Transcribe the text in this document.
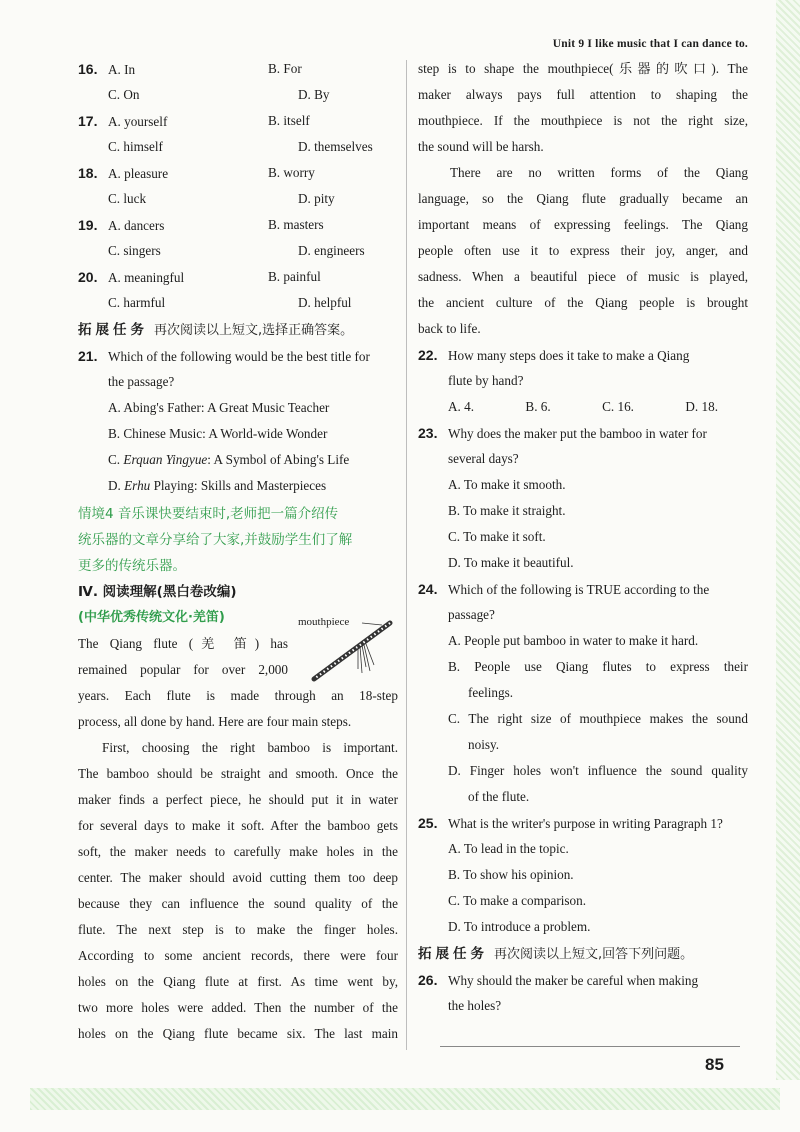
Unit 9 I like music that I can dance to.
16. A. In	B. For
C. On	D. By
17. A. yourself	B. itself
C. himself	D. themselves
18. A. pleasure	B. worry
C. luck	D. pity
19. A. dancers	B. masters
C. singers	D. engineers
20. A. meaningful	B. painful
C. harmful	D. helpful
拓展任务 再次阅读以上短文,选择正确答案。
21. Which of the following would be the best title for
the passage?
A. Abing's Father: A Great Music Teacher
B. Chinese Music: A World-wide Wonder
C. Erquan Yingyue: A Symbol of Abing's Life
D. Erhu Playing: Skills and Masterpieces
情境4 音乐课快要结束时,老师把一篇介绍传
统乐器的文章分享给了大家,并鼓励学生们了解
更多的传统乐器。
Ⅳ. 阅读理解(黑白卷改编)
(中华优秀传统文化·羌笛)
The Qiang flute (羌 笛) has
remained popular for over 2,000
years. Each flute is made through an 18-step
process, all done by hand. Here are four main steps.
First, choosing the right bamboo is important.
The bamboo should be straight and smooth. Once the
maker finds a perfect piece, he should put it in water
for several days to make it soft. After the bamboo gets
soft, the maker needs to carefully make holes in the
center. The maker should avoid cutting them too deep
because they can influence the sound quality of the
flute. The next step is to make the finger holes.
According to some ancient records, there were four
holes on the Qiang flute at first. As time went by,
two more holes were added. Then the number of the
holes on the Qiang flute became six. The last main
mouthpiece
step is to shape the mouthpiece(乐器的吹口). The
maker always pays full attention to shaping the
mouthpiece. If the mouthpiece is not the right size,
the sound will be harsh.
There are no written forms of the Qiang
language, so the Qiang flute gradually became an
important means of expressing feelings. The Qiang
people often use it to express their joy, anger, and
sadness. When a beautiful piece of music is played,
the ancient culture of the Qiang people is brought
back to life.
22. How many steps does it take to make a Qiang
flute by hand?
A. 4.	B. 6.	C. 16.	D. 18.
23. Why does the maker put the bamboo in water for
several days?
A. To make it smooth.
B. To make it straight.
C. To make it soft.
D. To make it beautiful.
24. Which of the following is TRUE according to the
passage?
A. People put bamboo in water to make it hard.
B. People use Qiang flutes to express their
feelings.
C. The right size of mouthpiece makes the sound
noisy.
D. Finger holes won't influence the sound quality
of the flute.
25. What is the writer's purpose in writing Paragraph 1?
A. To lead in the topic.
B. To show his opinion.
C. To make a comparison.
D. To introduce a problem.
拓展任务 再次阅读以上短文,回答下列问题。
26. Why should the maker be careful when making
the holes?
85
